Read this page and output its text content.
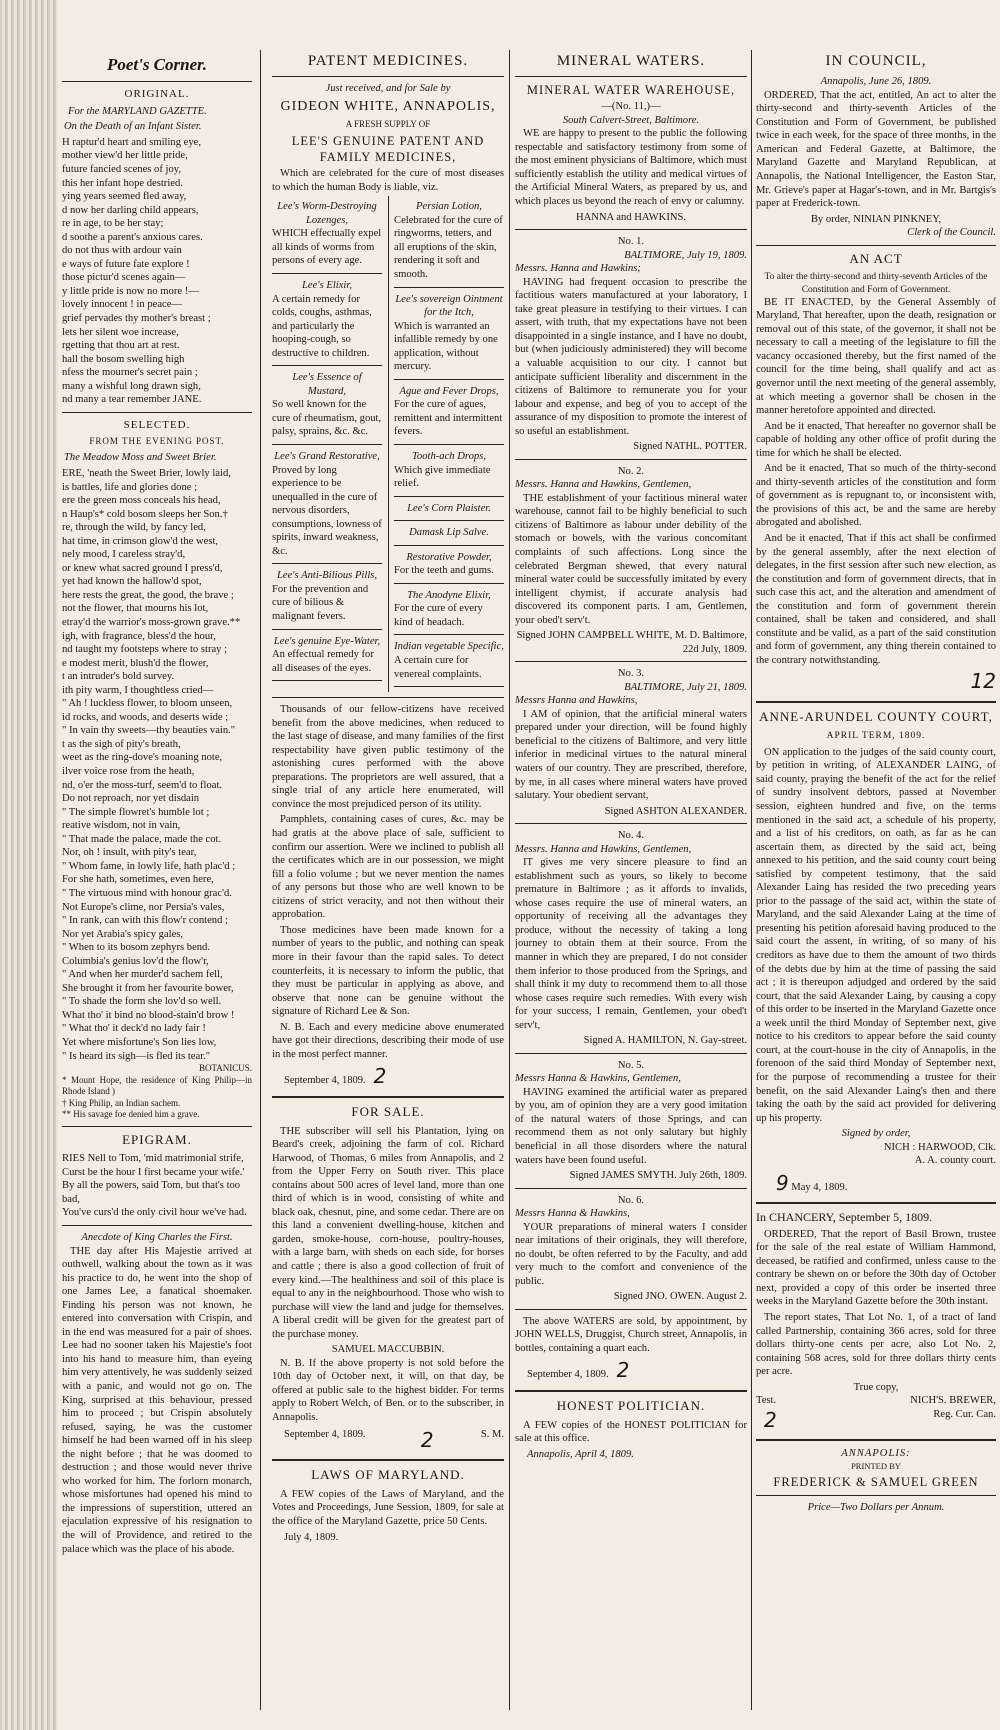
Poet's Corner.
ORIGINAL.
For the MARYLAND GAZETTE.
On the Death of an Infant Sister.
H raptur'd heart and smiling eye,
mother view'd her little pride,
future fancied scenes of joy,
this her infant hope destried.
ying years seemed fled away,
d now her darling child appears,
re in age, to be her stay;
d soothe a parent's anxious cares.
do not thus with ardour vain
e ways of future fate explore !
those pictur'd scenes again—
y little pride is now no more !—
lovely innocent ! in peace—
grief pervades thy mother's breast ;
lets her silent woe increase,
rgetting that thou art at rest.
hall the bosom swelling high
nfess the mourner's secret pain ;
many a wishful long drawn sigh,
nd many a tear remember JANE.
SELECTED.
FROM THE EVENING POST.
The Meadow Moss and Sweet Brier.
ERE, 'neath the Sweet Brier, lowly laid,
is battles, life and glories done ;
ere the green moss conceals his head,
n Haup's* cold bosom sleeps her Son.†
re, through the wild, by fancy led,
hat time, in crimson glow'd the west,
nely mood, I careless stray'd,
or knew what sacred ground I press'd,
yet had known the hallow'd spot,
here rests the great, the good, the brave ;
not the flower, that mourns his lot,
etray'd the warrior's moss-grown grave.**
igh, with fragrance, bless'd the hour,
nd taught my footsteps where to stray ;
e modest merit, blush'd the flower,
t an intruder's bold survey.
ith pity warm, I thoughtless cried—
" Ah ! luckless flower, to bloom unseen,
id rocks, and woods, and deserts wide ;
" In vain thy sweets—thy beauties vain."
t as the sigh of pity's breath,
weet as the ring-dove's moaning note,
ilver voice rose from the heath,
nd, o'er the moss-turf, seem'd to float.
Do not reproach, nor yet disdain
" The simple flowret's humble lot ;
reative wisdom, not in vain,
" That made the palace, made the cot.
Nor, oh ! insult, with pity's tear,
" Whom fame, in lowly life, hath plac'd ;
For she hath, sometimes, even here,
" The virtuous mind with honour grac'd.
Not Europe's clime, nor Persia's vales,
" In rank, can with this flow'r contend ;
Nor yet Arabia's spicy gales,
" When to its bosom zephyrs bend.
Columbia's genius lov'd the flow'r,
" And when her murder'd sachem fell,
She brought it from her favourite bower,
" To shade the form she lov'd so well.
What tho' it bind no blood-stain'd brow !
" What tho' it deck'd no lady fair !
Yet where misfortune's Son lies low,
" Is heard its sigh—is fled its tear."
BOTANICUS.
* Mount Hope, the residence of King Philip—in Rhode Island )
† King Philip, an Indian sachem.
** His savage foe denied him a grave.
EPIGRAM.
RIES Nell to Tom, 'mid matrimonial strife,
Curst be the hour I first became your wife.'
By all the powers, said Tom, but that's too bad,
You've curs'd the only civil hour we've had.
Anecdote of King Charles the First.

THE day after His Majestie arrived at outhwell, walking about the town as it was his practice to do, he went into the shop of one James Lee, a fanatical shoemaker. Finding his person was not known, he entered into conversation with Crispin, and in the end was measured for a pair of shoes. Lee had no sooner taken his Majestie's foot into his hand to measure him, than eyeing him very attentively, he was suddenly seized with a panic, and would not go on. The King, surprised at this behaviour, pressed him to proceed ; but Crispin absolutely refused, saying, he was the customer himself he had been warned off in his sleep the night before ; that he was doomed to destruction ; and those would never thrive who worked for him. The forlorn monarch, whose misfortunes had opened his mind to the impressions of superstition, uttered an ejaculation expressive of his resignation to the will of Providence, and retired to the palace which was the place of his abode.

PATENT MEDICINES.
Just received, and for Sale by
GIDEON WHITE, ANNAPOLIS,
A FRESH SUPPLY OF
LEE'S GENUINE PATENT AND FAMILY MEDICINES,

Which are celebrated for the cure of most diseases to which the human Body is liable, viz.

Lee's Worm-Destroying Lozenges,
WHICH effectually expel all kinds of worms from persons of every age.
Lee's Elixir,
A certain remedy for colds, coughs, asthmas, and particularly the hooping-cough, so destructive to children.
Lee's Essence of Mustard,
So well known for the cure of rheumatism, gout, palsy, sprains, &c. &c.
Lee's Grand Restorative,
Proved by long experience to be unequalled in the cure of nervous disorders, consumptions, lowness of spirits, inward weakness, &c.
Lee's Anti-Bilious Pills,
For the prevention and cure of bilious & malignant fevers.
Lee's genuine Eye-Water,
An effectual remedy for all diseases of the eyes.
Persian Lotion,
Celebrated for the cure of ringworms, tetters, and all eruptions of the skin, rendering it soft and smooth.
Lee's sovereign Ointment for the Itch,
Which is warranted an infallible remedy by one application, without mercury.
Ague and Fever Drops,
For the cure of agues, remittent and intermittent fevers.
Tooth-ach Drops,
Which give immediate relief.
Lee's Corn Plaister.
Damask Lip Salve.
Restorative Powder,
For the teeth and gums.
The Anodyne Elixir,
For the cure of every kind of headach.
Indian vegetable Specific,
A certain cure for venereal complaints.

Thousands of our fellow-citizens have received benefit from the above medicines, when reduced to the last stage of disease, and many families of the first respectability have given public testimony of the astonishing cures performed with the above preparations. The proprietors are well assured, that a single trial of any article here enumerated, will convince the most prejudiced person of its utility.

Pamphlets, containing cases of cures, &c. may be had gratis at the above place of sale, sufficient to confirm our assertion. Were we inclined to publish all the certificates which are in our possession, we might fill a folio volume ; but we never mention the names of any persons but those who are well known to be citizens of strict veracity, and not then without their approbation.

Those medicines have been made known for a number of years to the public, and nothing can speak more in their favour than the rapid sales. To detect counterfeits, it is necessary to inform the public, that they must be particular in applying as above, and observe that none can be genuine without the signature of Richard Lee & Son.

N. B. Each and every medicine above enumerated have got their directions, describing their mode of use in the most perfect manner.

September 4, 1809. 2
FOR SALE.

THE subscriber will sell his Plantation, lying on Beard's creek, adjoining the farm of col. Richard Harwood, of Thomas, 6 miles from Annapolis, and 2 from the Upper Ferry on South river. This place contains about 500 acres of level land, more than one third of which is in wood, consisting of white and black oak, chesnut, pine, and some cedar. There are on this land a convenient dwelling-house, kitchen and garden, smoke-house, corn-house, poultry-houses, with a large barn, with sheds on each side, for horses and cattle ; there is also a good collection of fruit of every kind.—The healthiness and soil of this place is equal to any in the neighbourhood. Those who wish to purchase will view the land and judge for themselves. A liberal credit will be given for the greatest part of the purchase money.

SAMUEL MACCUBBIN.

N. B. If the above property is not sold before the 10th day of October next, it will, on that day, be offered at public sale to the highest bidder. For terms apply to Robert Welch, of Ben. or to the subscriber, in Annapolis.

September 4, 1809.	2	S. M.
LAWS OF MARYLAND.

A FEW copies of the Laws of Maryland, and the Votes and Proceedings, June Session, 1809, for sale at the office of the Maryland Gazette, price 50 Cents.

July 4, 1809.
MINERAL WATERS.
MINERAL WATER WAREHOUSE,
—(No. 11,)—
South Calvert-Street, Baltimore.

WE are happy to present to the public the following respectable and satisfactory testimony from some of the most eminent physicians of Baltimore, which must sufficiently establish the utility and medical virtues of the Artificial Mineral Waters, as prepared by us, and which places us beyond the reach of envy or calumny.

HANNA and HAWKINS.
No. 1.
BALTIMORE, July 19, 1809.
Messrs. Hanna and Hawkins;

HAVING had frequent occasion to prescribe the factitious waters manufactured at your laboratory, I take great pleasure in testifying to their virtues. I can assert, with truth, that my expectations have not been disappointed in a single instance, and I have no doubt, but (when judiciously administered) they will become a valuable acquisition to our city. I cannot but anticipate sufficient liberality and discernment in the citizens of Baltimore to remunerate you for your labour and expense, and beg of you to accept of the assurance of my disposition to promote the interest of so useful an establishment.

Signed NATHL. POTTER.
No. 2.
Messrs. Hanna and Hawkins, Gentlemen,

THE establishment of your factitious mineral water warehouse, cannot fail to be highly beneficial to such citizens of Baltimore as labour under debility of the stomach or bowels, with the various concomitant complaints of such affections. Long since the celebrated Bergman shewed, that every natural mineral water could be successfully imitated by every intelligent chymist, if accurate analysis had discovered its component parts. I am, Gentlemen, your obed't serv't.

Signed JOHN CAMPBELL WHITE, M. D. Baltimore, 22d July, 1809.
No. 3.
BALTIMORE, July 21, 1809.
Messrs Hanna and Hawkins,

I AM of opinion, that the artificial mineral waters prepared under your direction, will be found highly beneficial to the citizens of Baltimore, and very little inferior in medicinal virtues to the natural mineral waters of our country. They are prescribed, therefore, by me, in all cases where mineral waters have proved salutary. Your obedient servant,

Signed ASHTON ALEXANDER.
No. 4.
Messrs. Hanna and Hawkins, Gentlemen,

IT gives me very sincere pleasure to find an establishment such as yours, so likely to become premature in Baltimore ; as it affords to invalids, whose cases require the use of mineral waters, an opportunity of receiving all the advantages they produce, without the necessity of taking a long journey to obtain them at their source. From the manner in which they are prepared, I do not consider them inferior to those produced from the Springs, and shall think it my duty to recommend them to all those whose cases require such remedies. With every wish for your success, I remain, Gentlemen, your obed't serv't,

Signed A. HAMILTON, N. Gay-street.
No. 5.
Messrs Hanna & Hawkins, Gentlemen,

HAVING examined the artificial water as prepared by you, am of opinion they are a very good imitation of the natural waters of those Springs, and can recommend them as not only salutary but highly beneficial in all those disorders where the natural waters have been found useful.

Signed JAMES SMYTH. July 26th, 1809.
No. 6.
Messrs Hanna & Hawkins,

YOUR preparations of mineral waters I consider near imitations of their originals, they will therefore, no doubt, be often referred to by the Faculty, and add very much to the comfort and convenience of the public.

Signed JNO. OWEN. August 2.

The above WATERS are sold, by appointment, by JOHN WELLS, Druggist, Church street, Annapolis, in bottles, containing a quart each.

September 4, 1809. 2
HONEST POLITICIAN.

A FEW copies of the HONEST POLITICIAN for sale at this office.

Annapolis, April 4, 1809.
IN COUNCIL,
Annapolis, June 26, 1809.

ORDERED, That the act, entitled, An act to alter the thirty-second and thirty-seventh Articles of the Constitution and Form of Government, be published twice in each week, for the space of three months, in the American and Federal Gazette, at Baltimore, the Maryland Gazette and Maryland Republican, at Annapolis, the National Intelligencer, the Easton Star, Mr. Grieve's paper at Hagar's-town, and in Mr. Bartgis's paper at Frederick-town.

By order, NINIAN PINKNEY,
Clerk of the Council.
AN ACT
To alter the thirty-second and thirty-seventh Articles of the Constitution and Form of Government.

BE IT ENACTED, by the General Assembly of Maryland, That hereafter, upon the death, resignation or removal out of this state, of the governor, it shall not be necessary to call a meeting of the legislature to fill the vacancy occasioned thereby, but the first named of the council for the time being, shall qualify and act as governor until the next meeting of the general assembly, at which meeting a governor shall be chosen in the manner heretofore appointed and directed.

And be it enacted, That hereafter no governor shall be capable of holding any other office of profit during the time for which he shall be elected.

And be it enacted, That so much of the thirty-second and thirty-seventh articles of the constitution and form of government as is repugnant to, or inconsistent with, the provisions of this act, be and the same are hereby abrogated and abolished.

And be it enacted, That if this act shall be confirmed by the general assembly, after the next election of delegates, in the first session after such new election, as the constitution and form of government directs, that in such case this act, and the alteration and amendment of the constitution and form of government therein contained, shall be taken and considered, and shall constitute and be valid, as a part of the said constitution and form of government, any thing therein contained to the contrary notwithstanding.

12
ANNE-ARUNDEL COUNTY COURT,
APRIL TERM, 1809.

ON application to the judges of the said county court, by petition in writing, of ALEXANDER LAING, of said county, praying the benefit of the act for the relief of sundry insolvent debtors, passed at November session, eighteen hundred and five, on the terms mentioned in the said act, a schedule of his property, and a list of his creditors, on oath, as far as he can ascertain them, as directed by the said act, being annexed to his petition, and the said county court being satisfied by competent testimony, that the said Alexander Laing has resided the two preceding years prior to the passage of the said act, within the state of Maryland, and the said Alexander Laing at the time of presenting his petition aforesaid having produced to the said court the assent, in writing, of so many of his creditors as have due to them the amount of two thirds of the debts due by him at the time of passing the said act ; it is thereupon adjudged and ordered by the said court, that the said Alexander Laing, by causing a copy of this order to be inserted in the Maryland Gazette once a week until the third Monday of September next, give notice to his creditors to appear before the said county court, at the court-house in the city of Annapolis, in the forenoon of the said third Monday of September next, for the purpose of recommending a trustee for their benefit, on the said Alexander Laing's then and there taking the oath by the said act provided for delivering up his property.

Signed by order,
NICH : HARWOOD, Clk.
A. A. county court.
9 May 4, 1809.
In CHANCERY, September 5, 1809.

ORDERED, That the report of Basil Brown, trustee for the sale of the real estate of William Hammond, deceased, be ratified and confirmed, unless cause to the contrary be shewn on or before the 30th day of October next, provided a copy of this order be inserted three weeks in the Maryland Gazette before the 30th instant.

The report states, That Lot No. 1, of a tract of land called Partnership, containing 366 acres, sold for three dollars thirty-one cents per acre, also Lot No. 2, containing 568 acres, sold for three dollars thirty cents per acre.

True copy,
Test.	NICH'S. BREWER,
2	Reg. Cur. Can.
ANNAPOLIS:
PRINTED BY
FREDERICK & SAMUEL GREEN
Price—Two Dollars per Annum.
